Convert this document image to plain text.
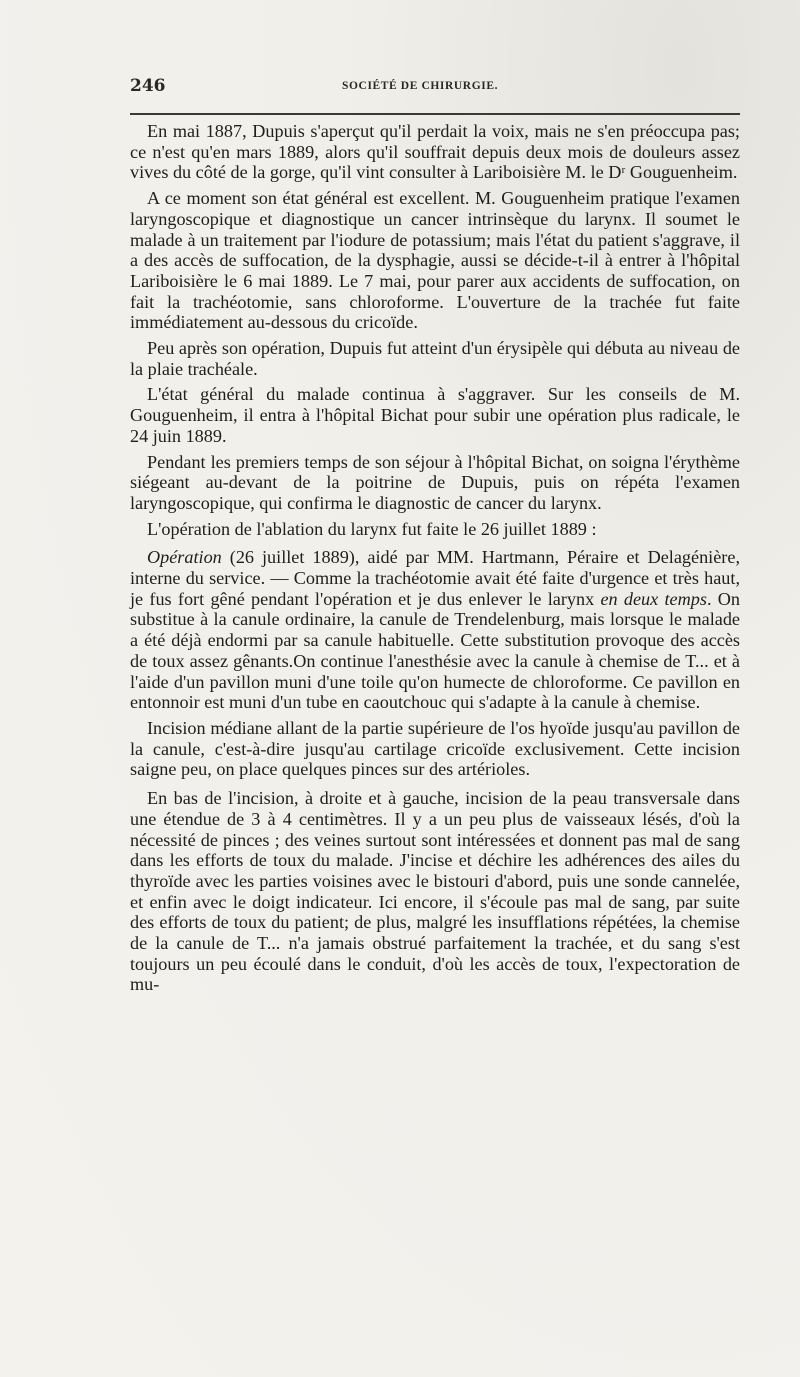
246	SOCIÉTÉ DE CHIRURGIE.

En mai 1887, Dupuis s'aperçut qu'il perdait la voix, mais ne s'en préoccupa pas; ce n'est qu'en mars 1889, alors qu'il souffrait depuis deux mois de douleurs assez vives du côté de la gorge, qu'il vint consulter à Lariboisière M. le Dʳ Gouguenheim.

A ce moment son état général est excellent. M. Gouguenheim pratique l'examen laryngoscopique et diagnostique un cancer intrinsèque du larynx. Il soumet le malade à un traitement par l'iodure de potassium; mais l'état du patient s'aggrave, il a des accès de suffocation, de la dysphagie, aussi se décide-t-il à entrer à l'hôpital Lariboisière le 6 mai 1889. Le 7 mai, pour parer aux accidents de suffocation, on fait la trachéotomie, sans chloroforme. L'ouverture de la trachée fut faite immédiatement au-dessous du cricoïde.

Peu après son opération, Dupuis fut atteint d'un érysipèle qui débuta au niveau de la plaie trachéale.

L'état général du malade continua à s'aggraver. Sur les conseils de M. Gouguenheim, il entra à l'hôpital Bichat pour subir une opération plus radicale, le 24 juin 1889.

Pendant les premiers temps de son séjour à l'hôpital Bichat, on soigna l'érythème siégeant au-devant de la poitrine de Dupuis, puis on répéta l'examen laryngoscopique, qui confirma le diagnostic de cancer du larynx.

L'opération de l'ablation du larynx fut faite le 26 juillet 1889 :

Opération (26 juillet 1889), aidé par MM. Hartmann, Péraire et Delagénière, interne du service. — Comme la trachéotomie avait été faite d'urgence et très haut, je fus fort gêné pendant l'opération et je dus enlever le larynx en deux temps. On substitue à la canule ordinaire, la canule de Trendelenburg, mais lorsque le malade a été déjà endormi par sa canule habituelle. Cette substitution provoque des accès de toux assez gênants.On continue l'anesthésie avec la canule à chemise de T... et à l'aide d'un pavillon muni d'une toile qu'on humecte de chloroforme. Ce pavillon en entonnoir est muni d'un tube en caoutchouc qui s'adapte à la canule à chemise.

Incision médiane allant de la partie supérieure de l'os hyoïde jusqu'au pavillon de la canule, c'est-à-dire jusqu'au cartilage cricoïde exclusivement. Cette incision saigne peu, on place quelques pinces sur des artérioles.

En bas de l'incision, à droite et à gauche, incision de la peau transversale dans une étendue de 3 à 4 centimètres. Il y a un peu plus de vaisseaux lésés, d'où la nécessité de pinces ; des veines surtout sont intéressées et donnent pas mal de sang dans les efforts de toux du malade. J'incise et déchire les adhérences des ailes du thyroïde avec les parties voisines avec le bistouri d'abord, puis une sonde cannelée, et enfin avec le doigt indicateur. Ici encore, il s'écoule pas mal de sang, par suite des efforts de toux du patient; de plus, malgré les insufflations répétées, la chemise de la canule de T... n'a jamais obstrué parfaitement la trachée, et du sang s'est toujours un peu écoulé dans le conduit, d'où les accès de toux, l'expectoration de mu-
